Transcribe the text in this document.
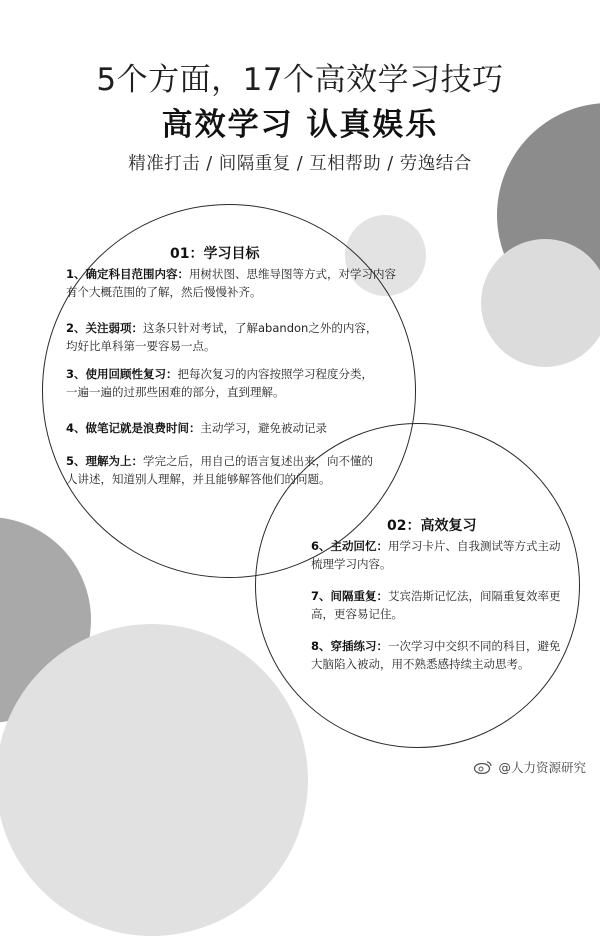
5个方面，17个高效学习技巧
高效学习 认真娱乐
精准打击 / 间隔重复 / 互相帮助 / 劳逸结合
01：学习目标
1、确定科目范围内容：用树状图、思维导图等方式，对学习内容有个大概范围的了解，然后慢慢补齐。
2、关注弱项：这条只针对考试，了解abandon之外的内容，均好比单科第一要容易一点。
3、使用回顾性复习：把每次复习的内容按照学习程度分类，一遍一遍的过那些困难的部分，直到理解。
4、做笔记就是浪费时间：主动学习，避免被动记录
5、理解为上：学完之后，用自己的语言复述出来，向不懂的人讲述，知道别人理解，并且能够解答他们的问题。
02：高效复习
6、主动回忆：用学习卡片、自我测试等方式主动梳理学习内容。
7、间隔重复：艾宾浩斯记忆法，间隔重复效率更高，更容易记住。
8、穿插练习：一次学习中交织不同的科目，避免大脑陷入被动，用不熟悉感持续主动思考。
@人力资源研究
